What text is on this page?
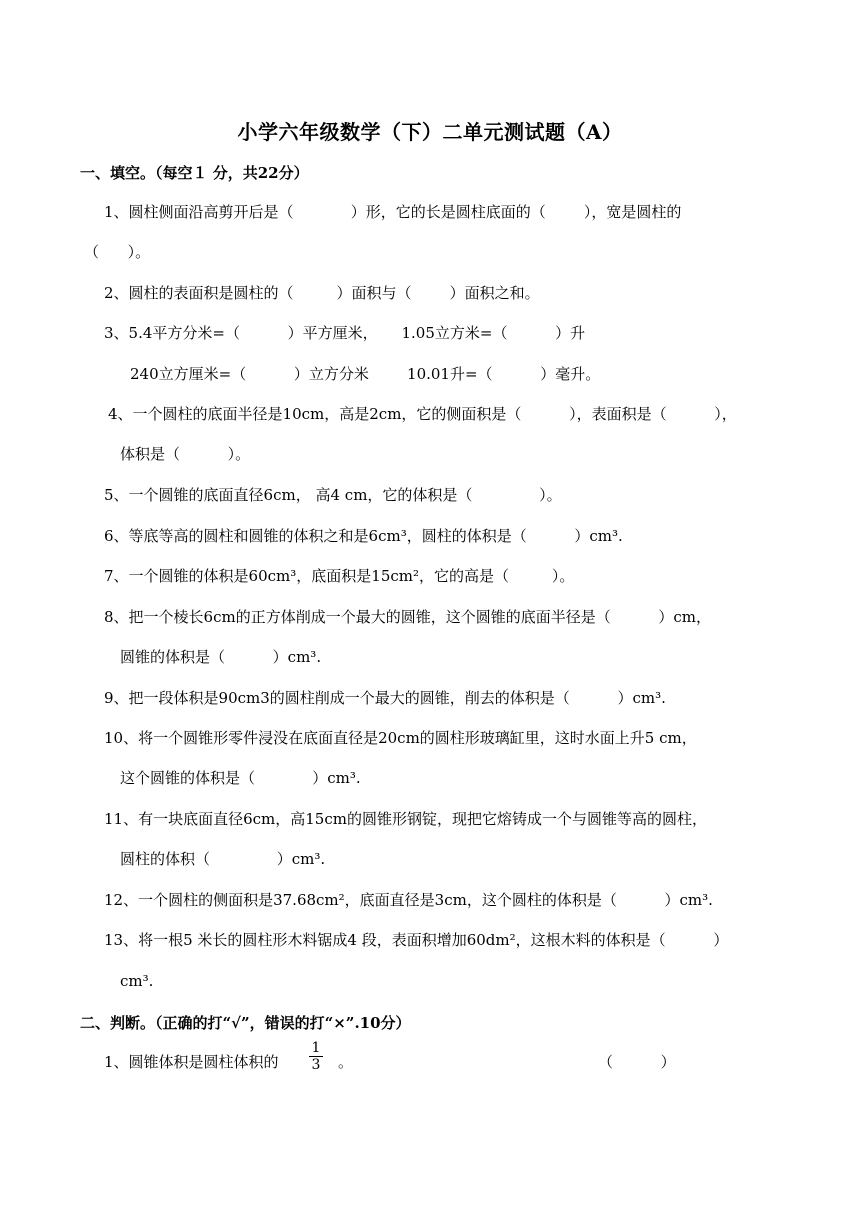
小学六年级数学（下）二单元测试题（A）
一、填空。（每空１ 分，共22分）
1、圆柱侧面沿高剪开后是（            ）形，它的长是圆柱底面的（        ），宽是圆柱的
（      ）。
2、圆柱的表面积是圆柱的（         ）面积与（        ）面积之和。
3、5.4平方分米=（          ）平方厘米，     1.05立方米=（          ）升
240立方厘米=（          ）立方分米        10.01升=（          ）毫升。
4、一个圆柱的底面半径是10cm，高是2cm，它的侧面积是（          ），表面积是（          ），
体积是（          ）。
5、一个圆锥的底面直径6cm， 高4 cm，它的体积是（              ）。
6、等底等高的圆柱和圆锥的体积之和是6cm³，圆柱的体积是（          ）cm³.
7、一个圆锥的体积是60cm³，底面积是15cm²，它的高是（         ）。
8、把一个棱长6cm的正方体削成一个最大的圆锥，这个圆锥的底面半径是（          ）cm，
圆锥的体积是（          ）cm³.
9、把一段体积是90cm3的圆柱削成一个最大的圆锥，削去的体积是（          ）cm³.
10、将一个圆锥形零件浸没在底面直径是20cm的圆柱形玻璃缸里，这时水面上升5 cm，
这个圆锥的体积是（            ）cm³.
11、有一块底面直径6cm，高15cm的圆锥形钢锭，现把它熔铸成一个与圆锥等高的圆柱，
圆柱的体积（              ）cm³.
12、一个圆柱的侧面积是37.68cm²，底面直径是3cm，这个圆柱的体积是（          ）cm³.
13、将一根5 米长的圆柱形木料锯成4 段，表面积增加60dm²，这根木料的体积是（          ）
cm³.
二、判断。（正确的打“√”，错误的打“×”.10分）
1、圆锥体积是圆柱体积的
1
3 。	（          ）
